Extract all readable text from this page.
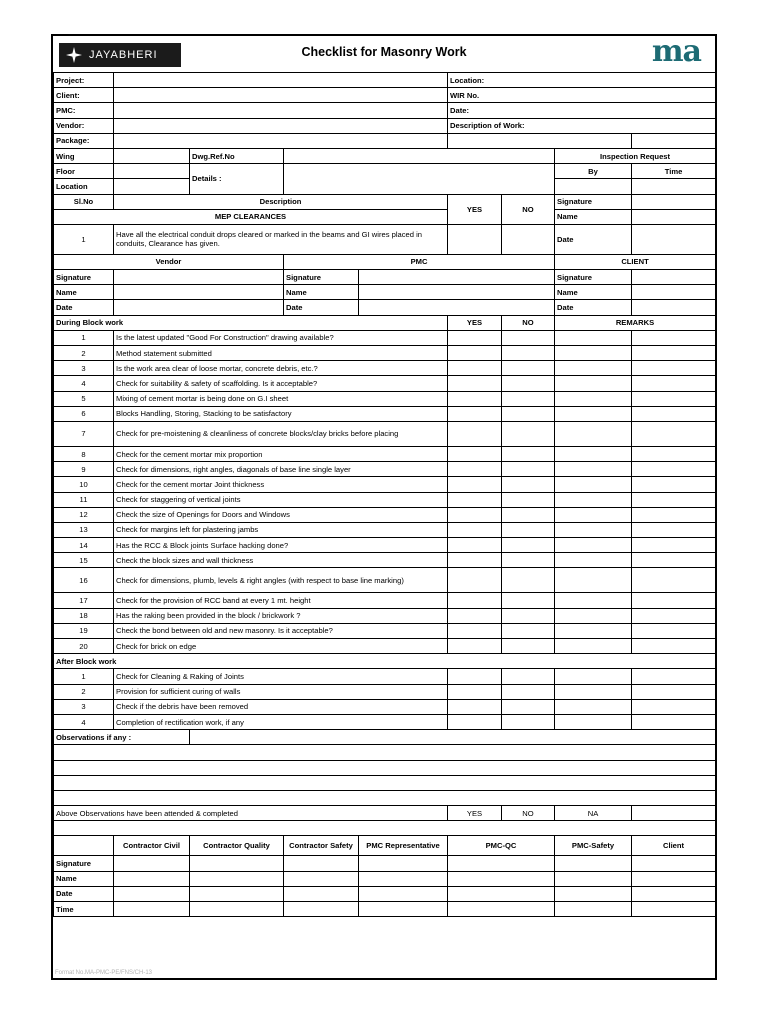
JAYABHERI	Checklist for Masonry Work	ma
Project:					Location:			
Client:					WIR No.			
PMC:					Date:			
Vendor:					Description of Work:			
Package:								
Wing		Dwg.Ref.No					Inspection Request	
Floor		Details :					By	Time
Location								
Sl.No	Description				YES	NO	Signature	
MEP CLEARANCES							Name	
1	Have all the electrical conduit drops cleared or marked in the beams and GI wires placed in conduits, Clearance has given.						Date	
Vendor			PMC				CLIENT	
Signature			Signature				Signature	
Name			Name				Name	
Date			Date				Date	
During Block work					YES	NO	REMARKS	
1	Is the latest updated "Good For Construction" drawing available?							
2	Method statement submitted							
3	Is the work area clear of loose mortar, concrete debris, etc.?							
4	Check for suitability & safety of scaffolding. Is it acceptable?							
5	Mixing of cement mortar is being done on G.I sheet							
6	Blocks Handling, Storing, Stacking to be satisfactory							
7	Check for pre-moistening & cleanliness of concrete blocks/clay bricks before placing							
8	Check for the cement mortar mix proportion							
9	Check for dimensions, right angles, diagonals of base line single layer							
10	Check for the cement mortar Joint thickness							
11	Check for staggering of vertical joints							
12	Check the size of Openings for Doors and Windows							
13	Check for margins left for plastering jambs							
14	Has the RCC & Block joints Surface hacking done?							
15	Check the block sizes and wall thickness							
16	Check for dimensions, plumb, levels & right angles (with respect to base line marking)							
17	Check for the provision of RCC band at every 1 mt. height							
18	Has the raking been provided in the block / brickwork ?							
19	Check the bond between old and new masonry. Is it acceptable?							
20	Check for brick on edge							
After Block work								
1	Check for Cleaning & Raking of Joints							
2	Provision for sufficient curing of walls							
3	Check if the debris have been removed							
4	Completion of rectification work, if any							
Observations if any :								

Above Observations have been attended & completed					YES	NO	NA	

	Contractor Civil	Contractor Quality	Contractor Safety	PMC Representative	PMC-QC		PMC-Safety	Client
Signature								
Name								
Date								
Time								
Format No.MA-PMC-PE/FNS/CH-13
